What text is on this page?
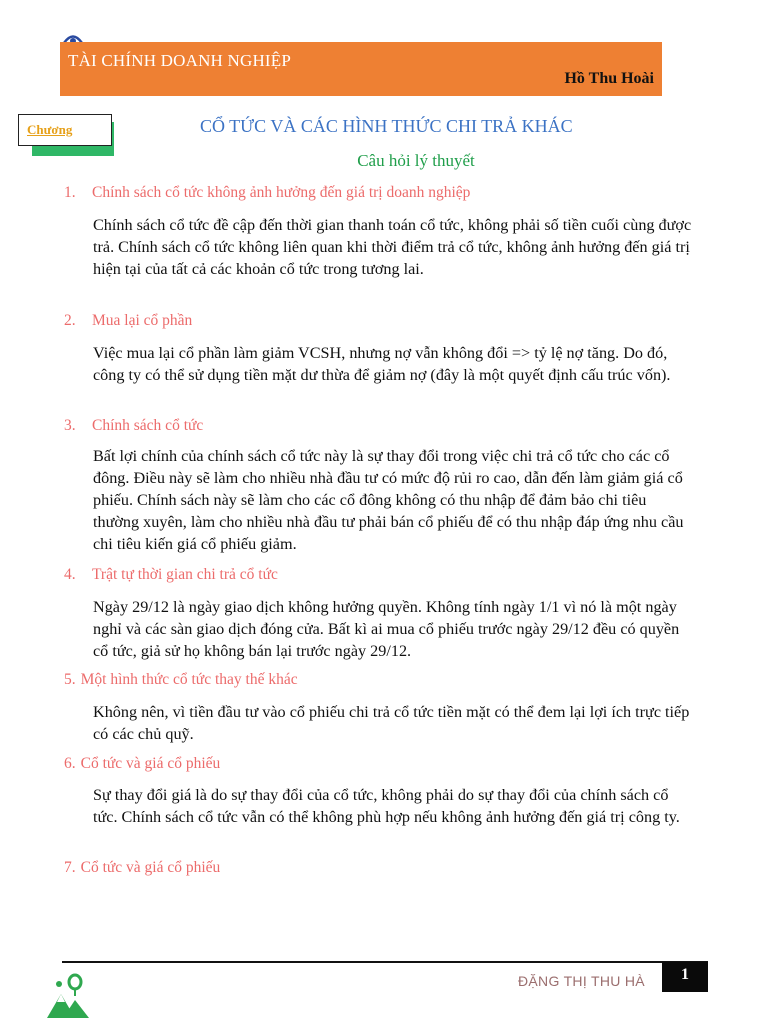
TÀI CHÍNH DOANH NGHIỆP
Hồ Thu Hoài
Chương	CỔ TỨC VÀ CÁC HÌNH THỨC CHI TRẢ KHÁC
Câu hỏi lý thuyết
1. Chính sách cổ tức không ảnh hưởng đến giá trị doanh nghiệp
Chính sách cổ tức đề cập đến thời gian thanh toán cổ tức, không phải số tiền cuối cùng được trả. Chính sách cổ tức không liên quan khi thời điểm trả cổ tức, không ảnh hưởng đến giá trị hiện tại của tất cả các khoản cổ tức trong tương lai.
2. Mua lại cổ phần
Việc mua lại cổ phần làm giảm VCSH, nhưng nợ vẫn không đổi => tỷ lệ nợ tăng. Do đó, công ty có thể sử dụng tiền mặt dư thừa để giảm nợ (đây là một quyết định cấu trúc vốn).
3. Chính sách cổ tức
Bất lợi chính của chính sách cổ tức này là sự thay đổi trong việc chi trả cổ tức cho các cổ đông. Điều này sẽ làm cho nhiều nhà đầu tư có mức độ rủi ro cao, dẫn đến làm giảm giá cổ phiếu. Chính sách này sẽ làm cho các cổ đông không có thu nhập để đảm bảo chi tiêu thường xuyên, làm cho nhiều nhà đầu tư phải bán cổ phiếu để có thu nhập đáp ứng nhu cầu chi tiêu kiến giá cổ phiếu giảm.
4. Trật tự thời gian chi trả cổ tức
Ngày 29/12 là ngày giao dịch không hưởng quyền. Không tính ngày 1/1 vì nó là một ngày nghỉ và các sàn giao dịch đóng cửa. Bất kì ai mua cổ phiếu trước ngày 29/12 đều có quyền cổ tức, giả sử họ không bán lại trước ngày 29/12.
5. Một hình thức cổ tức thay thế khác
Không nên, vì tiền đầu tư vào cổ phiếu chi trả cổ tức tiền mặt có thể đem lại lợi ích trực tiếp có các chủ quỹ.
6. Cổ tức và giá cổ phiếu
Sự thay đổi giá là do sự thay đổi của cổ tức, không phải do sự thay đổi của chính sách cổ tức. Chính sách cổ tức vẫn có thể không phù hợp nếu không ảnh hưởng đến giá trị công ty.
7. Cổ tức và giá cổ phiếu
ĐẶNG THỊ THU HÀ	1
